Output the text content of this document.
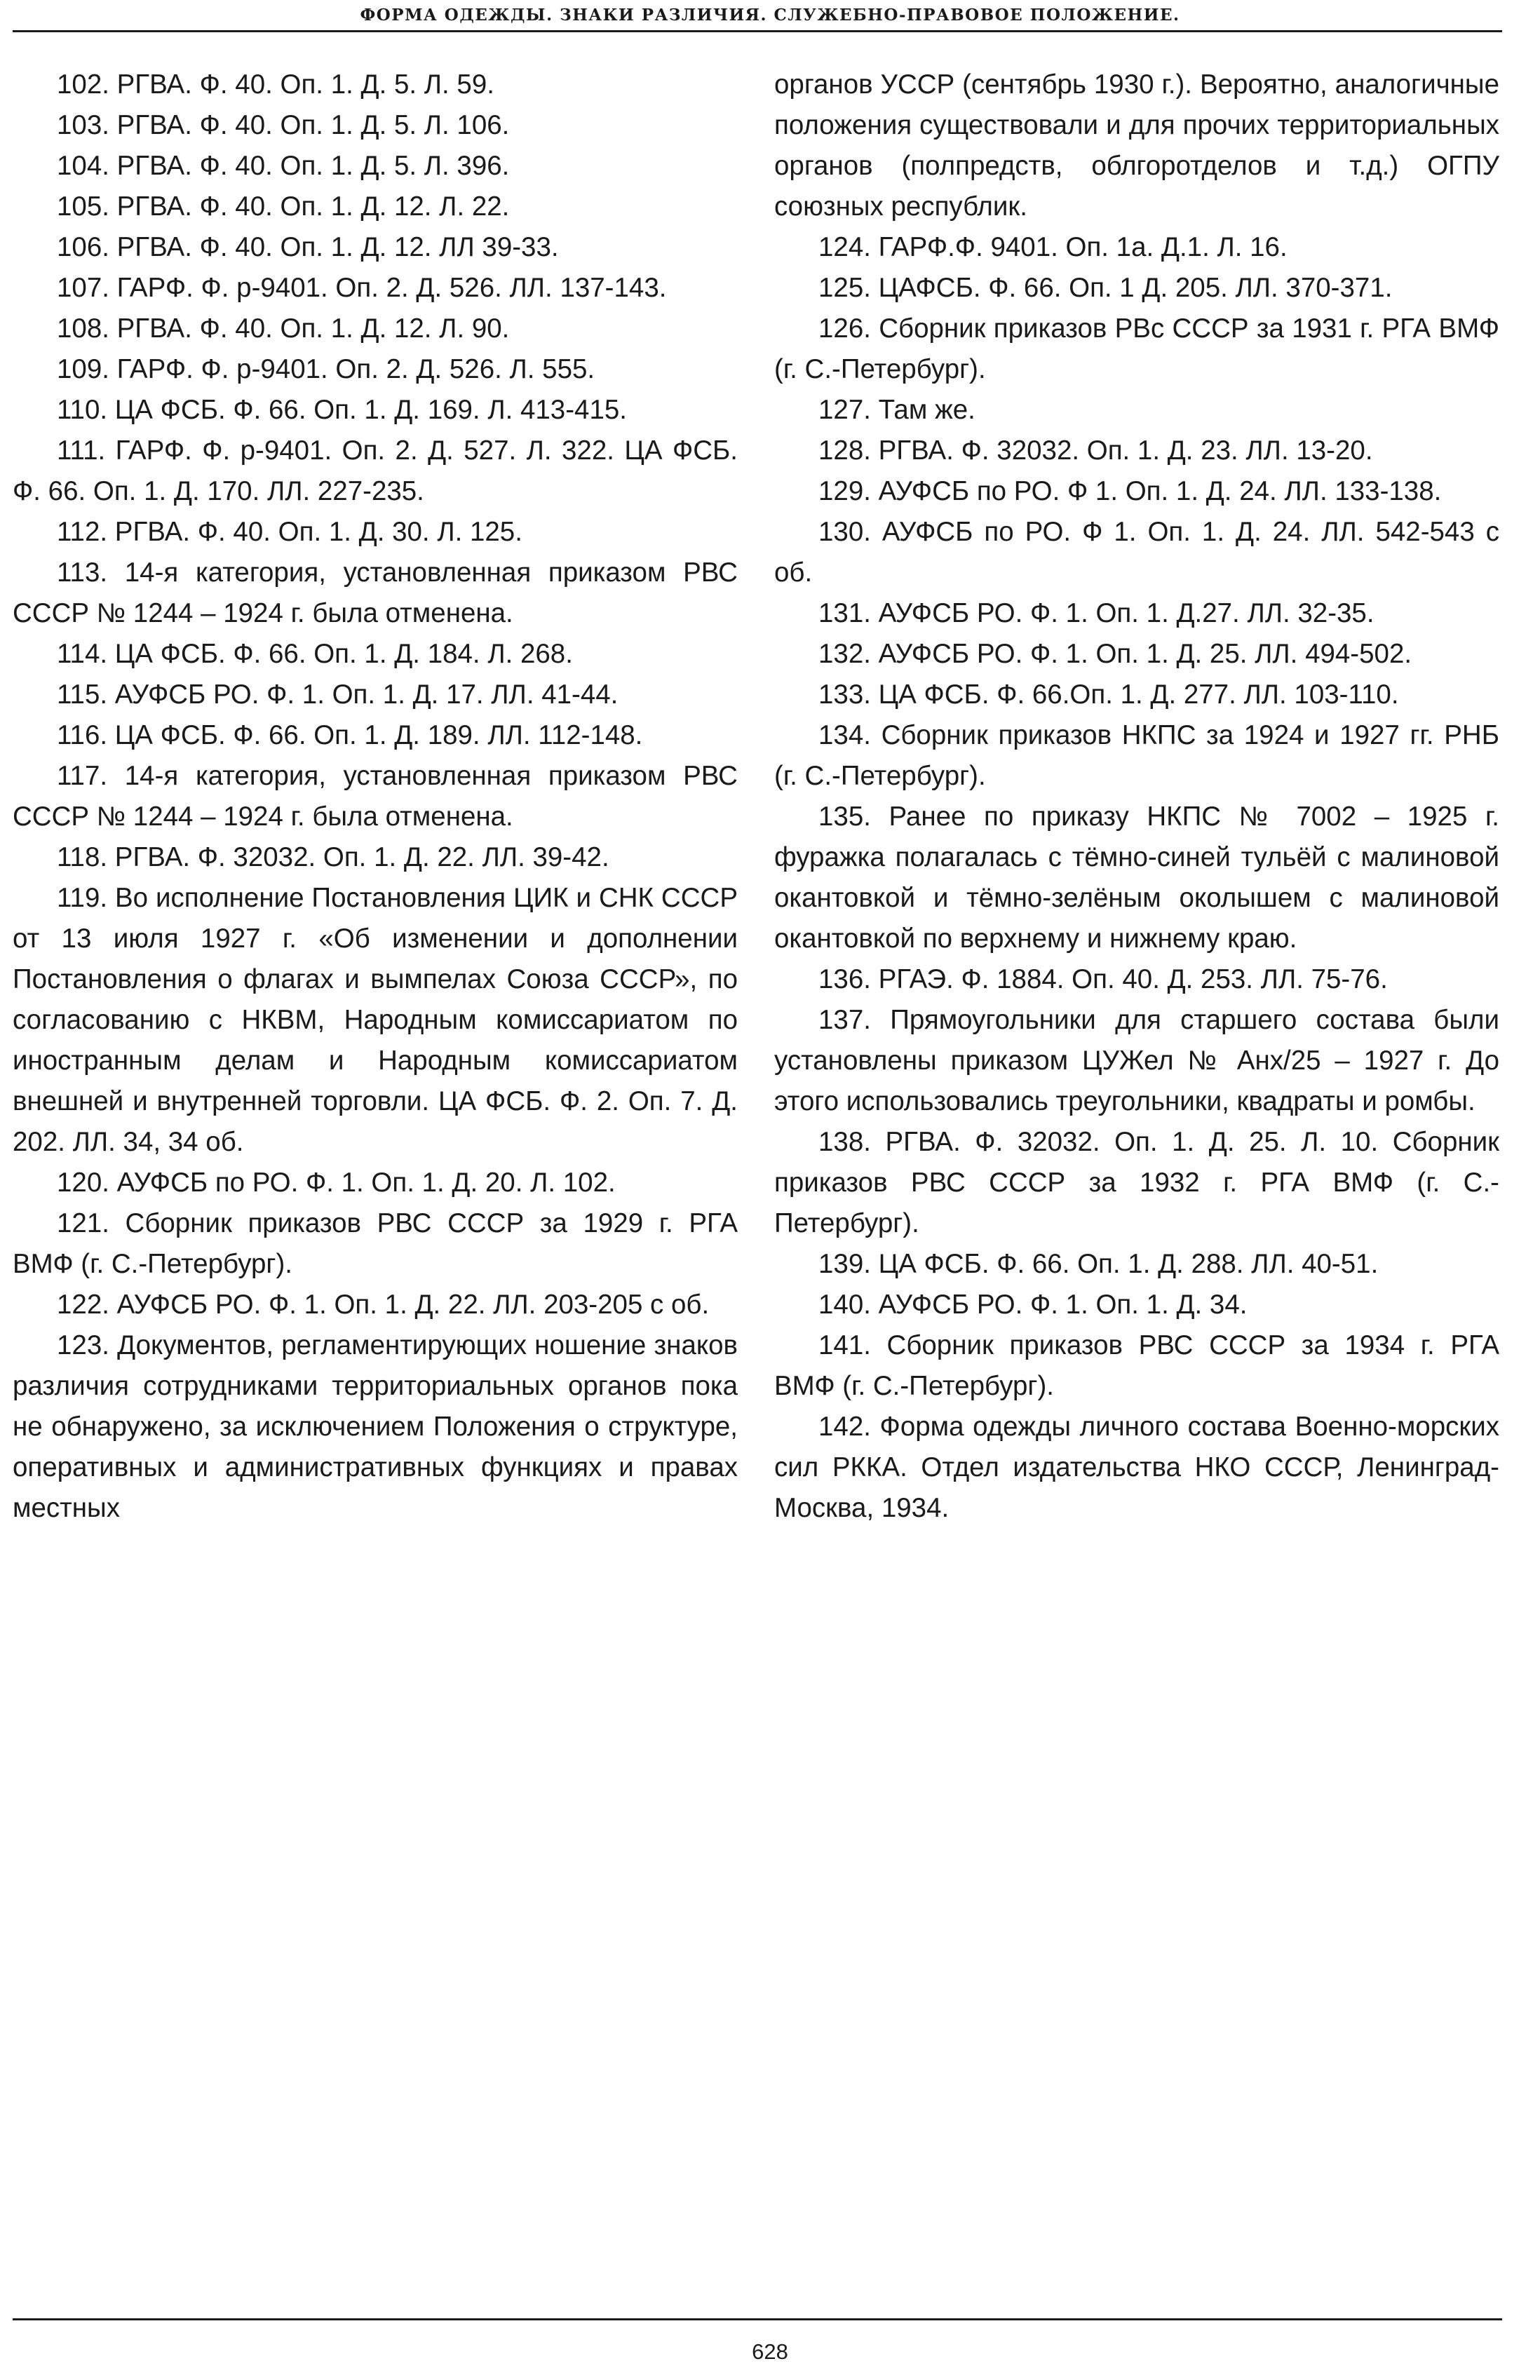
ФОРМА ОДЕЖДЫ. ЗНАКИ РАЗЛИЧИЯ. СЛУЖЕБНО-ПРАВОВОЕ ПОЛОЖЕНИЕ.

102. РГВА. Ф. 40. Оп. 1. Д. 5. Л. 59.

103. РГВА. Ф. 40. Оп. 1. Д. 5. Л. 106.

104. РГВА. Ф. 40. Оп. 1. Д. 5. Л. 396.

105. РГВА. Ф. 40. Оп. 1. Д. 12. Л. 22.

106. РГВА. Ф. 40. Оп. 1. Д. 12. ЛЛ 39-33.

107. ГАРФ. Ф. р-9401. Оп. 2. Д. 526. ЛЛ. 137-143.

108. РГВА. Ф. 40. Оп. 1. Д. 12. Л. 90.

109. ГАРФ. Ф. р-9401. Оп. 2. Д. 526. Л. 555.

110. ЦА ФСБ. Ф. 66. Оп. 1. Д. 169. Л. 413-415.

111. ГАРФ. Ф. р-9401. Оп. 2. Д. 527. Л. 322. ЦА ФСБ. Ф. 66. Оп. 1. Д. 170. ЛЛ. 227-235.

112. РГВА. Ф. 40. Оп. 1. Д. 30. Л. 125.

113. 14-я категория, установленная приказом РВС СССР № 1244 – 1924 г. была отменена.

114. ЦА ФСБ. Ф. 66. Оп. 1. Д. 184. Л. 268.

115. АУФСБ РО. Ф. 1. Оп. 1. Д. 17. ЛЛ. 41-44.

116. ЦА ФСБ. Ф. 66. Оп. 1. Д. 189. ЛЛ. 112-148.

117. 14-я категория, установленная приказом РВС СССР № 1244 – 1924 г. была отменена.

118. РГВА. Ф. 32032. Оп. 1. Д. 22. ЛЛ. 39-42.

119. Во исполнение Постановления ЦИК и СНК СССР от 13 июля 1927 г. «Об изменении и дополнении Постановления о флагах и вымпелах Союза СССР», по согласованию с НКВМ, Народным комиссариатом по иностранным делам и Народным комиссариатом внешней и внутренней торговли. ЦА ФСБ. Ф. 2. Оп. 7. Д. 202. ЛЛ. 34, 34 об.

120. АУФСБ по РО. Ф. 1. Оп. 1. Д. 20. Л. 102.

121. Сборник приказов РВС СССР за 1929 г. РГА ВМФ (г. С.-Петербург).

122. АУФСБ РО. Ф. 1. Оп. 1. Д. 22. ЛЛ. 203-205 с об.

123. Документов, регламентирующих ношение знаков различия сотрудниками территориальных органов пока не обнаружено, за исключением Положения о структуре, оперативных и административных функциях и правах местных

органов УССР (сентябрь 1930 г.). Вероятно, аналогичные положения существовали и для прочих территориальных органов (полпредств, облгоротделов и т.д.) ОГПУ союзных республик.

124. ГАРФ.Ф. 9401. Оп. 1а. Д.1. Л. 16.

125. ЦАФСБ. Ф. 66. Оп. 1 Д. 205. ЛЛ. 370-371.

126. Сборник приказов РВс СССР за 1931 г. РГА ВМФ (г. С.-Петербург).

127. Там же.

128. РГВА. Ф. 32032. Оп. 1. Д. 23. ЛЛ. 13-20.

129. АУФСБ по РО. Ф 1. Оп. 1. Д. 24. ЛЛ. 133-138.

130. АУФСБ по РО. Ф 1. Оп. 1. Д. 24. ЛЛ. 542-543 с об.

131. АУФСБ РО. Ф. 1. Оп. 1. Д.27. ЛЛ. 32-35.

132. АУФСБ РО. Ф. 1. Оп. 1. Д. 25. ЛЛ. 494-502.

133. ЦА ФСБ. Ф. 66.Оп. 1. Д. 277. ЛЛ. 103-110.

134. Сборник приказов НКПС за 1924 и 1927 гг. РНБ (г. С.-Петербург).

135. Ранее по приказу НКПС № 7002 – 1925 г. фуражка полагалась с тёмно-синей тульёй с малиновой окантовкой и тёмно-зелёным околышем с малиновой окантовкой по верхнему и нижнему краю.

136. РГАЭ. Ф. 1884. Оп. 40. Д. 253. ЛЛ. 75-76.

137. Прямоугольники для старшего состава были установлены приказом ЦУЖел № Анх/25 – 1927 г. До этого использовались треугольники, квадраты и ромбы.

138. РГВА. Ф. 32032. Оп. 1. Д. 25. Л. 10. Сборник приказов РВС СССР за 1932 г. РГА ВМФ (г. С.-Петербург).

139. ЦА ФСБ. Ф. 66. Оп. 1. Д. 288. ЛЛ. 40-51.

140. АУФСБ РО. Ф. 1. Оп. 1. Д. 34.

141. Сборник приказов РВС СССР за 1934 г. РГА ВМФ (г. С.-Петербург).

142. Форма одежды личного состава Военно-морских сил РККА. Отдел издательства НКО СССР, Ленинград-Москва, 1934.

628
